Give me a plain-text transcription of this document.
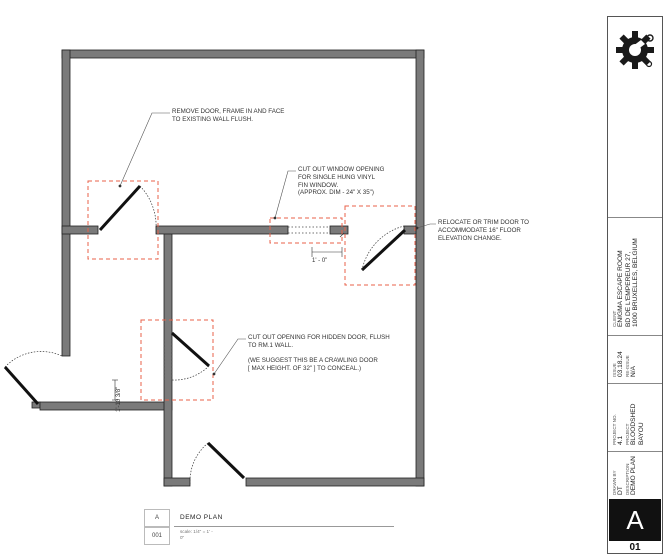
REMOVE DOOR, FRAME IN AND FACE
TO EXISTING WALL FLUSH.
CUT OUT WINDOW OPENING
FOR SINGLE HUNG VINYL
FIN WINDOW.
(APPROX. DIM - 24" X 35")
RELOCATE OR TRIM DOOR TO
ACCOMMODATE 16" FLOOR
ELEVATION CHANGE.
CUT OUT OPENING FOR HIDDEN DOOR, FLUSH
TO RM.1 WALL.

(WE SUGGEST THIS BE A CRAWLING DOOR
[ MAX HEIGHT. OF 32" ] TO CONCEAL.)
1' - 0"
1'-10 3/8"
A
001
DEMO PLAN
scale: 1/4" = 1' -
0"
CLIENT ENIGMA ESCAPE ROOM BD DE L'EMPEREUR 27, 1000 BRUXELLES, BELGIUM
ISSUE 03.18.24 RE-ISSUE N/A
PROJECT NO. 4.1 PROJECT BLOODSHED BAYOU
DRAWN BY DT DESCRIPTION DEMO PLAN
A
01
